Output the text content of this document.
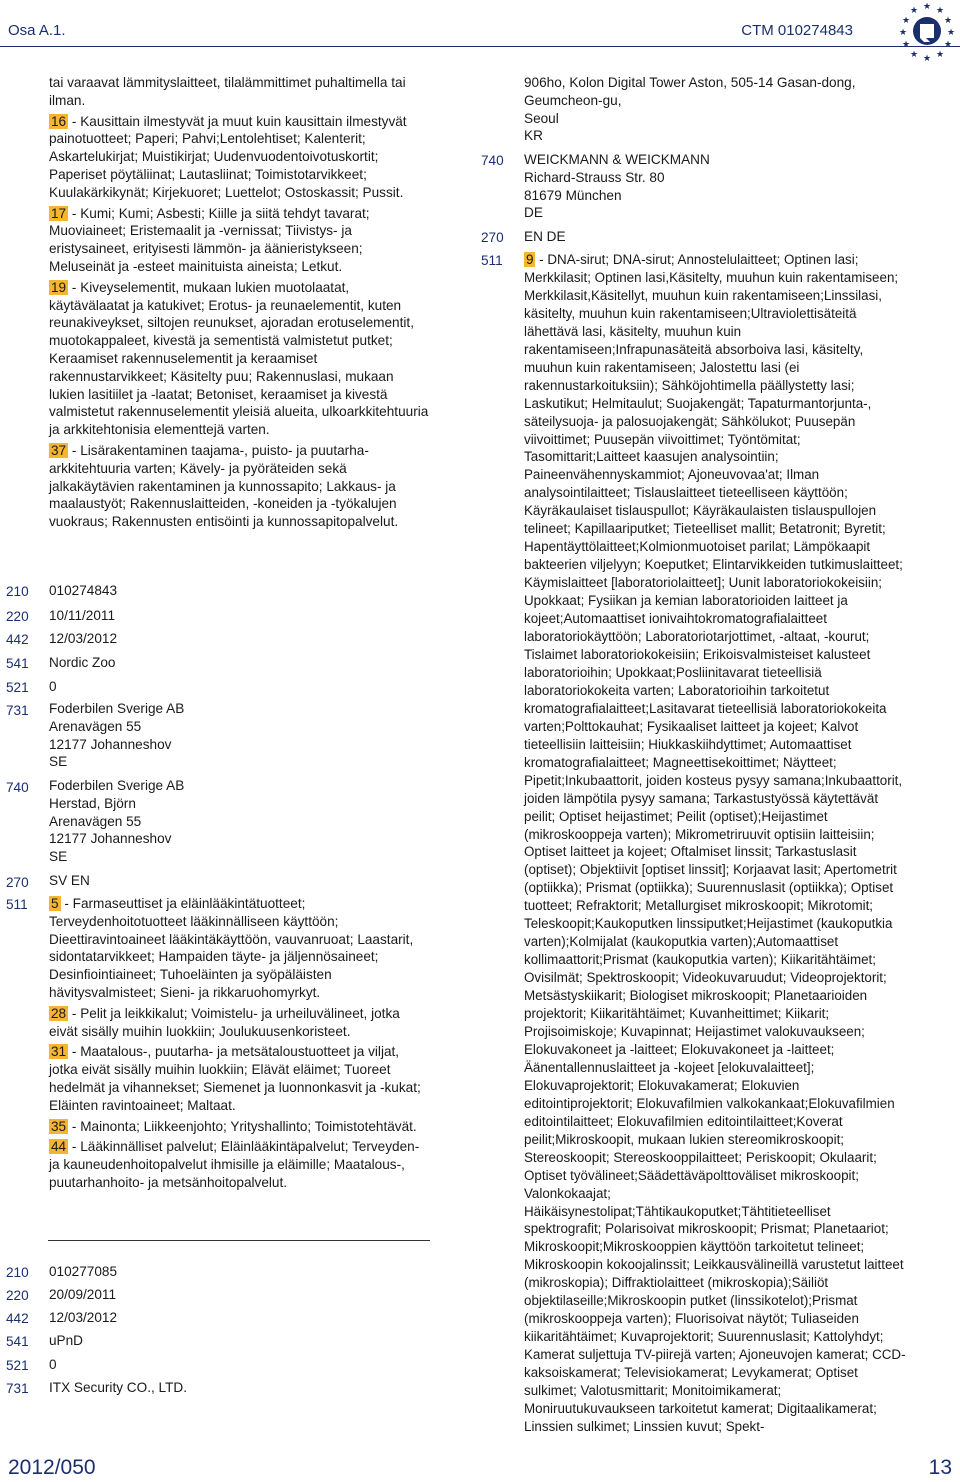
Osa A.1.	CTM 010274843
★ ★
★
★
★
★
★
★
★
★
★
★

tai varaavat lämmityslaitteet, tilalämmittimet puhaltimella tai ilman.

16 - Kausittain ilmestyvät ja muut kuin kausittain ilmestyvät painotuotteet; Paperi; Pahvi;Lentolehtiset; Kalenterit; Askartelukirjat; Muistikirjat; Uudenvuodentoivotuskortit; Paperiset pöytäliinat; Lautasliinat; Toimistotarvikkeet; Kuulakärkikynät; Kirjekuoret; Luettelot; Ostoskassit; Pussit.

17 - Kumi; Kumi; Asbesti; Kiille ja siitä tehdyt tavarat; Muoviaineet; Eristemaalit ja -vernissat; Tiivistys- ja eristysaineet, erityisesti lämmön- ja äänieristykseen; Meluseinät ja -esteet mainituista aineista; Letkut.

19 - Kiveyselementit, mukaan lukien muotolaatat, käytävälaatat ja katukivet; Erotus- ja reunaelementit, kuten reunakiveykset, siltojen reunukset, ajoradan erotuselementit, muotokappaleet, kivestä ja sementistä valmistetut putket; Keraamiset rakennuselementit ja keraamiset rakennustarvikkeet; Käsitelty puu; Rakennuslasi, mukaan lukien lasitiilet ja -laatat; Betoniset, keraamiset ja kivestä valmistetut rakennuselementit yleisiä alueita, ulkoarkkitehtuuria ja arkkitehtonisia elementtejä varten.

37 - Lisärakentaminen taajama-, puisto- ja puutarha-arkkitehtuuria varten; Kävely- ja pyöräteiden sekä jalkakäytävien rakentaminen ja kunnossapito; Lakkaus- ja maalaustyöt; Rakennuslaitteiden, -koneiden ja -työkalujen vuokraus; Rakennusten entisöinti ja kunnossapitopalvelut.

210 010274843
220 10/11/2011
442 12/03/2012
541 Nordic Zoo
521 0
731 Foderbilen Sverige AB
Arenavägen 55
12177 Johanneshov
SE
740 Foderbilen Sverige AB
Herstad, Björn
Arenavägen 55
12177 Johanneshov
SE
270 SV EN
511 5 - Farmaseuttiset ja eläinlääkintätuotteet; Terveydenhoitotuotteet lääkinnälliseen käyttöön; Dieettiravintoaineet lääkintäkäyttöön, vauvanruoat; Laastarit, sidontatarvikkeet; Hampaiden täyte- ja jäljennösaineet; Desinfiointiaineet; Tuhoeläinten ja syöpäläisten hävitysvalmisteet; Sieni- ja rikkaruohomyrkyt.

28 - Pelit ja leikkikalut; Voimistelu- ja urheiluvälineet, jotka eivät sisälly muihin luokkiin; Joulukuusenkoristeet.

31 - Maatalous-, puutarha- ja metsätaloustuotteet ja viljat, jotka eivät sisälly muihin luokkiin; Elävät eläimet; Tuoreet hedelmät ja vihannekset; Siemenet ja luonnonkasvit ja -kukat; Eläinten ravintoaineet; Maltaat.

35 - Mainonta; Liikkeenjohto; Yrityshallinto; Toimistotehtävät.

44 - Lääkinnälliset palvelut; Eläinlääkintäpalvelut; Terveyden- ja kauneudenhoitopalvelut ihmisille ja eläimille; Maatalous-, puutarhanhoito- ja metsänhoitopalvelut.

210 010277085
220 20/09/2011
442 12/03/2012
541 uPnD
521 0
731 ITX Security CO., LTD.
906ho, Kolon Digital Tower Aston, 505-14 Gasan-dong, Geumcheon-gu,
Seoul
KR
740 WEICKMANN & WEICKMANN
Richard-Strauss Str. 80
81679 München
DE
270 EN DE
511 9 - DNA-sirut; DNA-sirut; Annostelulaitteet; Optinen lasi; Merkkilasit; Optinen lasi,Käsitelty, muuhun kuin rakentamiseen; Merkkilasit,Käsitellyt, muuhun kuin rakentamiseen;Linssilasi, käsitelty, muuhun kuin rakentamiseen;Ultraviolettisäteitä lähettävä lasi, käsitelty, muuhun kuin rakentamiseen;Infrapunasäteitä absorboiva lasi, käsitelty, muuhun kuin rakentamiseen; Jalostettu lasi (ei rakennustarkoituksiin); Sähköjohtimella päällystetty lasi; Laskutikut; Helmitaulut; Suojakengät; Tapaturmantorjunta-, säteilysuoja- ja palosuojakengät; Sähkölukot; Puusepän viivoittimet; Puusepän viivoittimet; Työntömitat; Tasomittarit;Laitteet kaasujen analysointiin; Paineenvähennyskammiot; Ajoneuvovaa'at; Ilman analysointilaitteet; Tislauslaitteet tieteelliseen käyttöön; Käyräkaulaiset tislauspullot; Käyräkaulaisten tislauspullojen telineet; Kapillaariputket; Tieteelliset mallit; Betatronit; Byretit; Hapentäyttölaitteet;Kolmionmuotoiset parilat; Lämpökaapit bakteerien viljelyyn; Koeputket; Elintarvikkeiden tutkimuslaitteet; Käymislaitteet [laboratoriolaitteet]; Uunit laboratoriokokeisiin; Upokkaat; Fysiikan ja kemian laboratorioiden laitteet ja kojeet;Automaattiset ionivaihtokromatografialaitteet laboratoriokäyttöön; Laboratoriotarjottimet, -altaat, -kourut; Tislaimet laboratoriokokeisiin; Erikoisvalmisteiset kalusteet laboratorioihin; Upokkaat;Posliinitavarat tieteellisiä laboratoriokokeita varten; Laboratorioihin tarkoitetut kromatografialaitteet;Lasitavarat tieteellisiä laboratoriokokeita varten;Polttokauhat; Fysikaaliset laitteet ja kojeet; Kalvot tieteellisiin laitteisiin; Hiukkaskiihdyttimet; Automaattiset kromatografialaitteet; Magneettisekoittimet; Näytteet; Pipetit;Inkubaattorit, joiden kosteus pysyy samana;Inkubaattorit, joiden lämpötila pysyy samana; Tarkastustyössä käytettävät peilit; Optiset heijastimet; Peilit (optiset);Heijastimet (mikroskooppeja varten); Mikrometriruuvit optisiin laitteisiin; Optiset laitteet ja kojeet; Oftalmiset linssit; Tarkastuslasit (optiset); Objektiivit [optiset linssit]; Korjaavat lasit; Apertometrit (optiikka); Prismat (optiikka); Suurennuslasit (optiikka); Optiset tuotteet; Refraktorit; Metallurgiset mikroskoopit; Mikrotomit; Teleskoopit;Kaukoputken linssiputket;Heijastimet (kaukoputkia varten);Kolmijalat (kaukoputkia varten);Automaattiset kollimaattorit;Prismat (kaukoputkia varten); Kiikaritähtäimet; Ovisilmät; Spektroskoopit; Videokuvaruudut; Videoprojektorit; Metsästyskiikarit; Biologiset mikroskoopit; Planetaarioiden projektorit; Kiikaritähtäimet; Kuvanheittimet; Kiikarit; Projisoimiskoje; Kuvapinnat; Heijastimet valokuvaukseen; Elokuvakoneet ja -laitteet; Elokuvakoneet ja -laitteet; Äänentallennuslaitteet ja -kojeet [elokuvalaitteet]; Elokuvaprojektorit; Elokuvakamerat; Elokuvien editointiprojektorit; Elokuvafilmien valkokankaat;Elokuvafilmien editointilaitteet; Elokuvafilmien editointilaitteet;Koverat peilit;Mikroskoopit, mukaan lukien stereomikroskoopit; Stereoskoopit; Stereoskooppilaitteet; Periskoopit; Okulaarit; Optiset työvälineet;Säädettäväpolttoväliset mikroskoopit; Valonkokaajat; Häikäisynestolipat;Tähtikaukoputket;Tähtitieteelliset spektrografit; Polarisoivat mikroskoopit; Prismat; Planetaariot; Mikroskoopit;Mikroskooppien käyttöön tarkoitetut telineet; Mikroskoopin kokoojalinssit; Leikkausvälineillä varustetut laitteet (mikroskopia); Diffraktiolaitteet (mikroskopia);Säiliöt objektilaseille;Mikroskoopin putket (linssikotelot);Prismat (mikroskooppeja varten); Fluorisoivat näytöt; Tuliaseiden kiikaritähtäimet; Kuvaprojektorit; Suurennuslasit; Kattolyhdyt; Kamerat suljettuja TV-piirejä varten; Ajoneuvojen kamerat; CCD-kaksoiskamerat; Televisiokamerat; Levykamerat; Optiset sulkimet; Valotusmittarit; Monitoimikamerat; Moniruutukuvaukseen tarkoitetut kamerat; Digitaalikamerat; Linssien sulkimet; Linssien kuvut; Spekt-

2012/050	13
